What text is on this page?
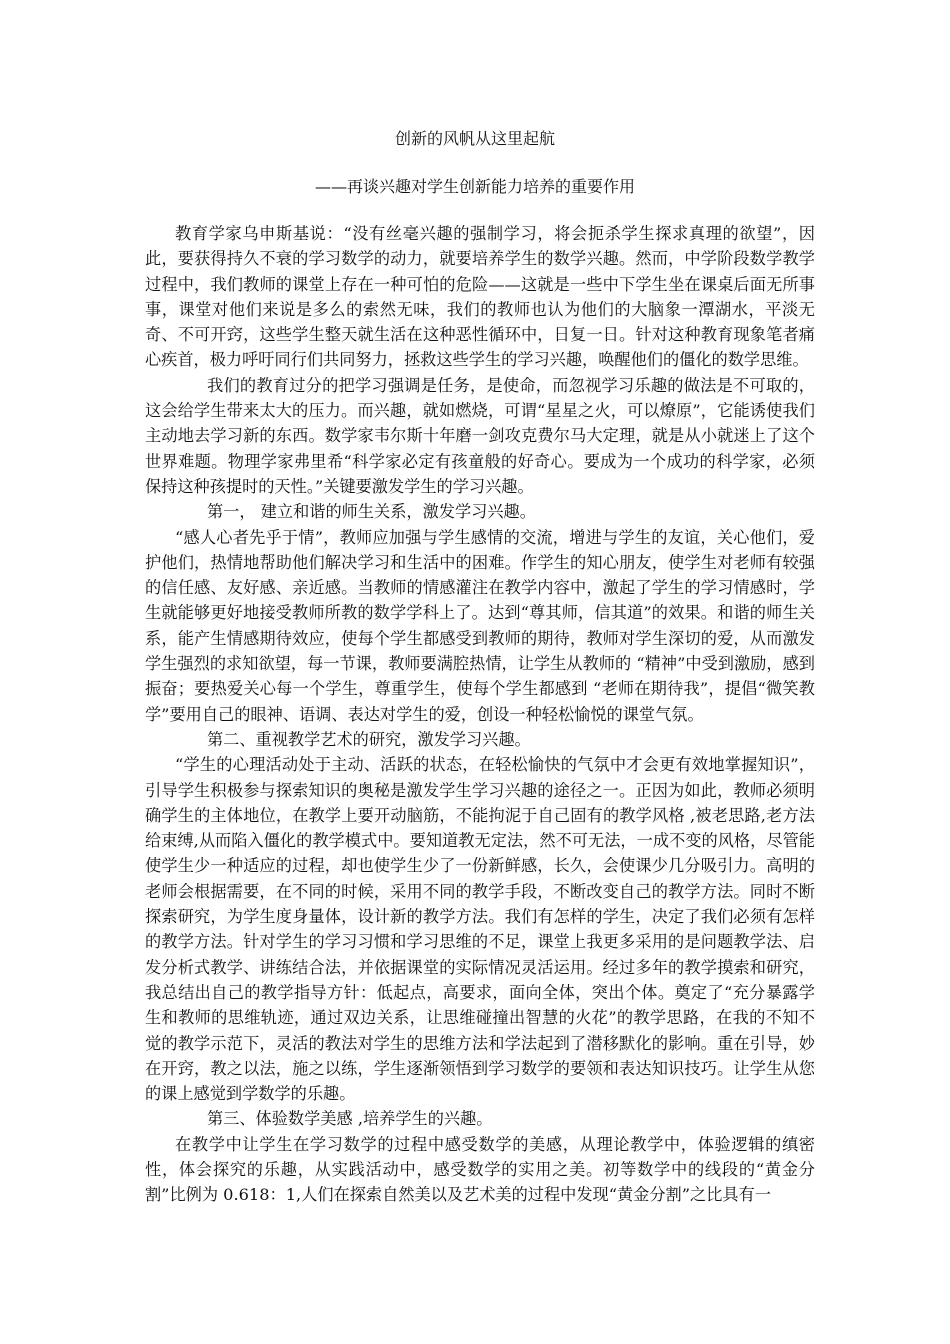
创新的风帆从这里起航
——再谈兴趣对学生创新能力培养的重要作用

教育学家乌申斯基说：“没有丝毫兴趣的强制学习，将会扼杀学生探求真理的欲望”，因此，要获得持久不衰的学习数学的动力，就要培养学生的数学兴趣。然而，中学阶段数学教学过程中，我们教师的课堂上存在一种可怕的危险——这就是一些中下学生坐在课桌后面无所事事，课堂对他们来说是多么的索然无味，我们的教师也认为他们的大脑象一潭湖水，平淡无奇、不可开窍，这些学生整天就生活在这种恶性循环中，日复一日。针对这种教育现象笔者痛心疾首，极力呼吁同行们共同努力，拯救这些学生的学习兴趣，唤醒他们的僵化的数学思维。

我们的教育过分的把学习强调是任务，是使命，而忽视学习乐趣的做法是不可取的，这会给学生带来太大的压力。而兴趣，就如燃烧，可谓“星星之火，可以燎原”，它能诱使我们主动地去学习新的东西。数学家韦尔斯十年磨一剑攻克费尔马大定理，就是从小就迷上了这个世界难题。物理学家弗里希“科学家必定有孩童般的好奇心。要成为一个成功的科学家，必须保持这种孩提时的天性。”关键要激发学生的学习兴趣。

第一， 建立和谐的师生关系，激发学习兴趣。

“感人心者先乎于情”，教师应加强与学生感情的交流，增进与学生的友谊，关心他们，爱护他们，热情地帮助他们解决学习和生活中的困难。作学生的知心朋友，使学生对老师有较强的信任感、友好感、亲近感。当教师的情感灌注在教学内容中，激起了学生的学习情感时，学生就能够更好地接受教师所教的数学学科上了。达到“尊其师，信其道”的效果。和谐的师生关系，能产生情感期待效应，使每个学生都感受到教师的期待，教师对学生深切的爱，从而激发学生强烈的求知欲望，每一节课，教师要满腔热情，让学生从教师的 “精神”中受到激励，感到振奋；要热爱关心每一个学生，尊重学生，使每个学生都感到 “老师在期待我”，提倡“微笑教学”要用自己的眼神、语调、表达对学生的爱，创设一种轻松愉悦的课堂气氛。

第二、重视教学艺术的研究，激发学习兴趣。

“学生的心理活动处于主动、活跃的状态，在轻松愉快的气氛中才会更有效地掌握知识”，引导学生积极参与探索知识的奥秘是激发学生学习兴趣的途径之一。正因为如此，教师必须明确学生的主体地位，在教学上要开动脑筋，不能拘泥于自己固有的教学风格 ,被老思路,老方法给束缚,从而陷入僵化的教学模式中。要知道教无定法，然不可无法，一成不变的风格，尽管能使学生少一种适应的过程，却也使学生少了一份新鲜感，长久，会使课少几分吸引力。高明的 老师会根据需要，在不同的时候，采用不同的教学手段，不断改变自己的教学方法。同时不断探索研究，为学生度身量体，设计新的教学方法。我们有怎样的学生，决定了我们必须有怎样的教学方法。针对学生的学习习惯和学习思维的不足，课堂上我更多采用的是问题教学法、启发分析式教学、讲练结合法，并依据课堂的实际情况灵活运用。经过多年的教学摸索和研究，我总结出自己的教学指导方针：低起点，高要求，面向全体，突出个体。奠定了“充分暴露学生和教师的思维轨迹，通过双边关系，让思维碰撞出智慧的火花”的教学思路，在我的不知不觉的教学示范下，灵活的教法对学生的思维方法和学法起到了潜移默化的影响。重在引导，妙在开窍，教之以法，施之以练，学生逐渐领悟到学习数学的要领和表达知识技巧。让学生从您的课上感觉到学数学的乐趣。

第三、体验数学美感 ,培养学生的兴趣。

在教学中让学生在学习数学的过程中感受数学的美感，从理论教学中，体验逻辑的缜密性，体会探究的乐趣，从实践活动中，感受数学的实用之美。初等数学中的线段的“黄金分割”比例为 0.618：1,人们在探索自然美以及艺术美的过程中发现“黄金分割”之比具有一
